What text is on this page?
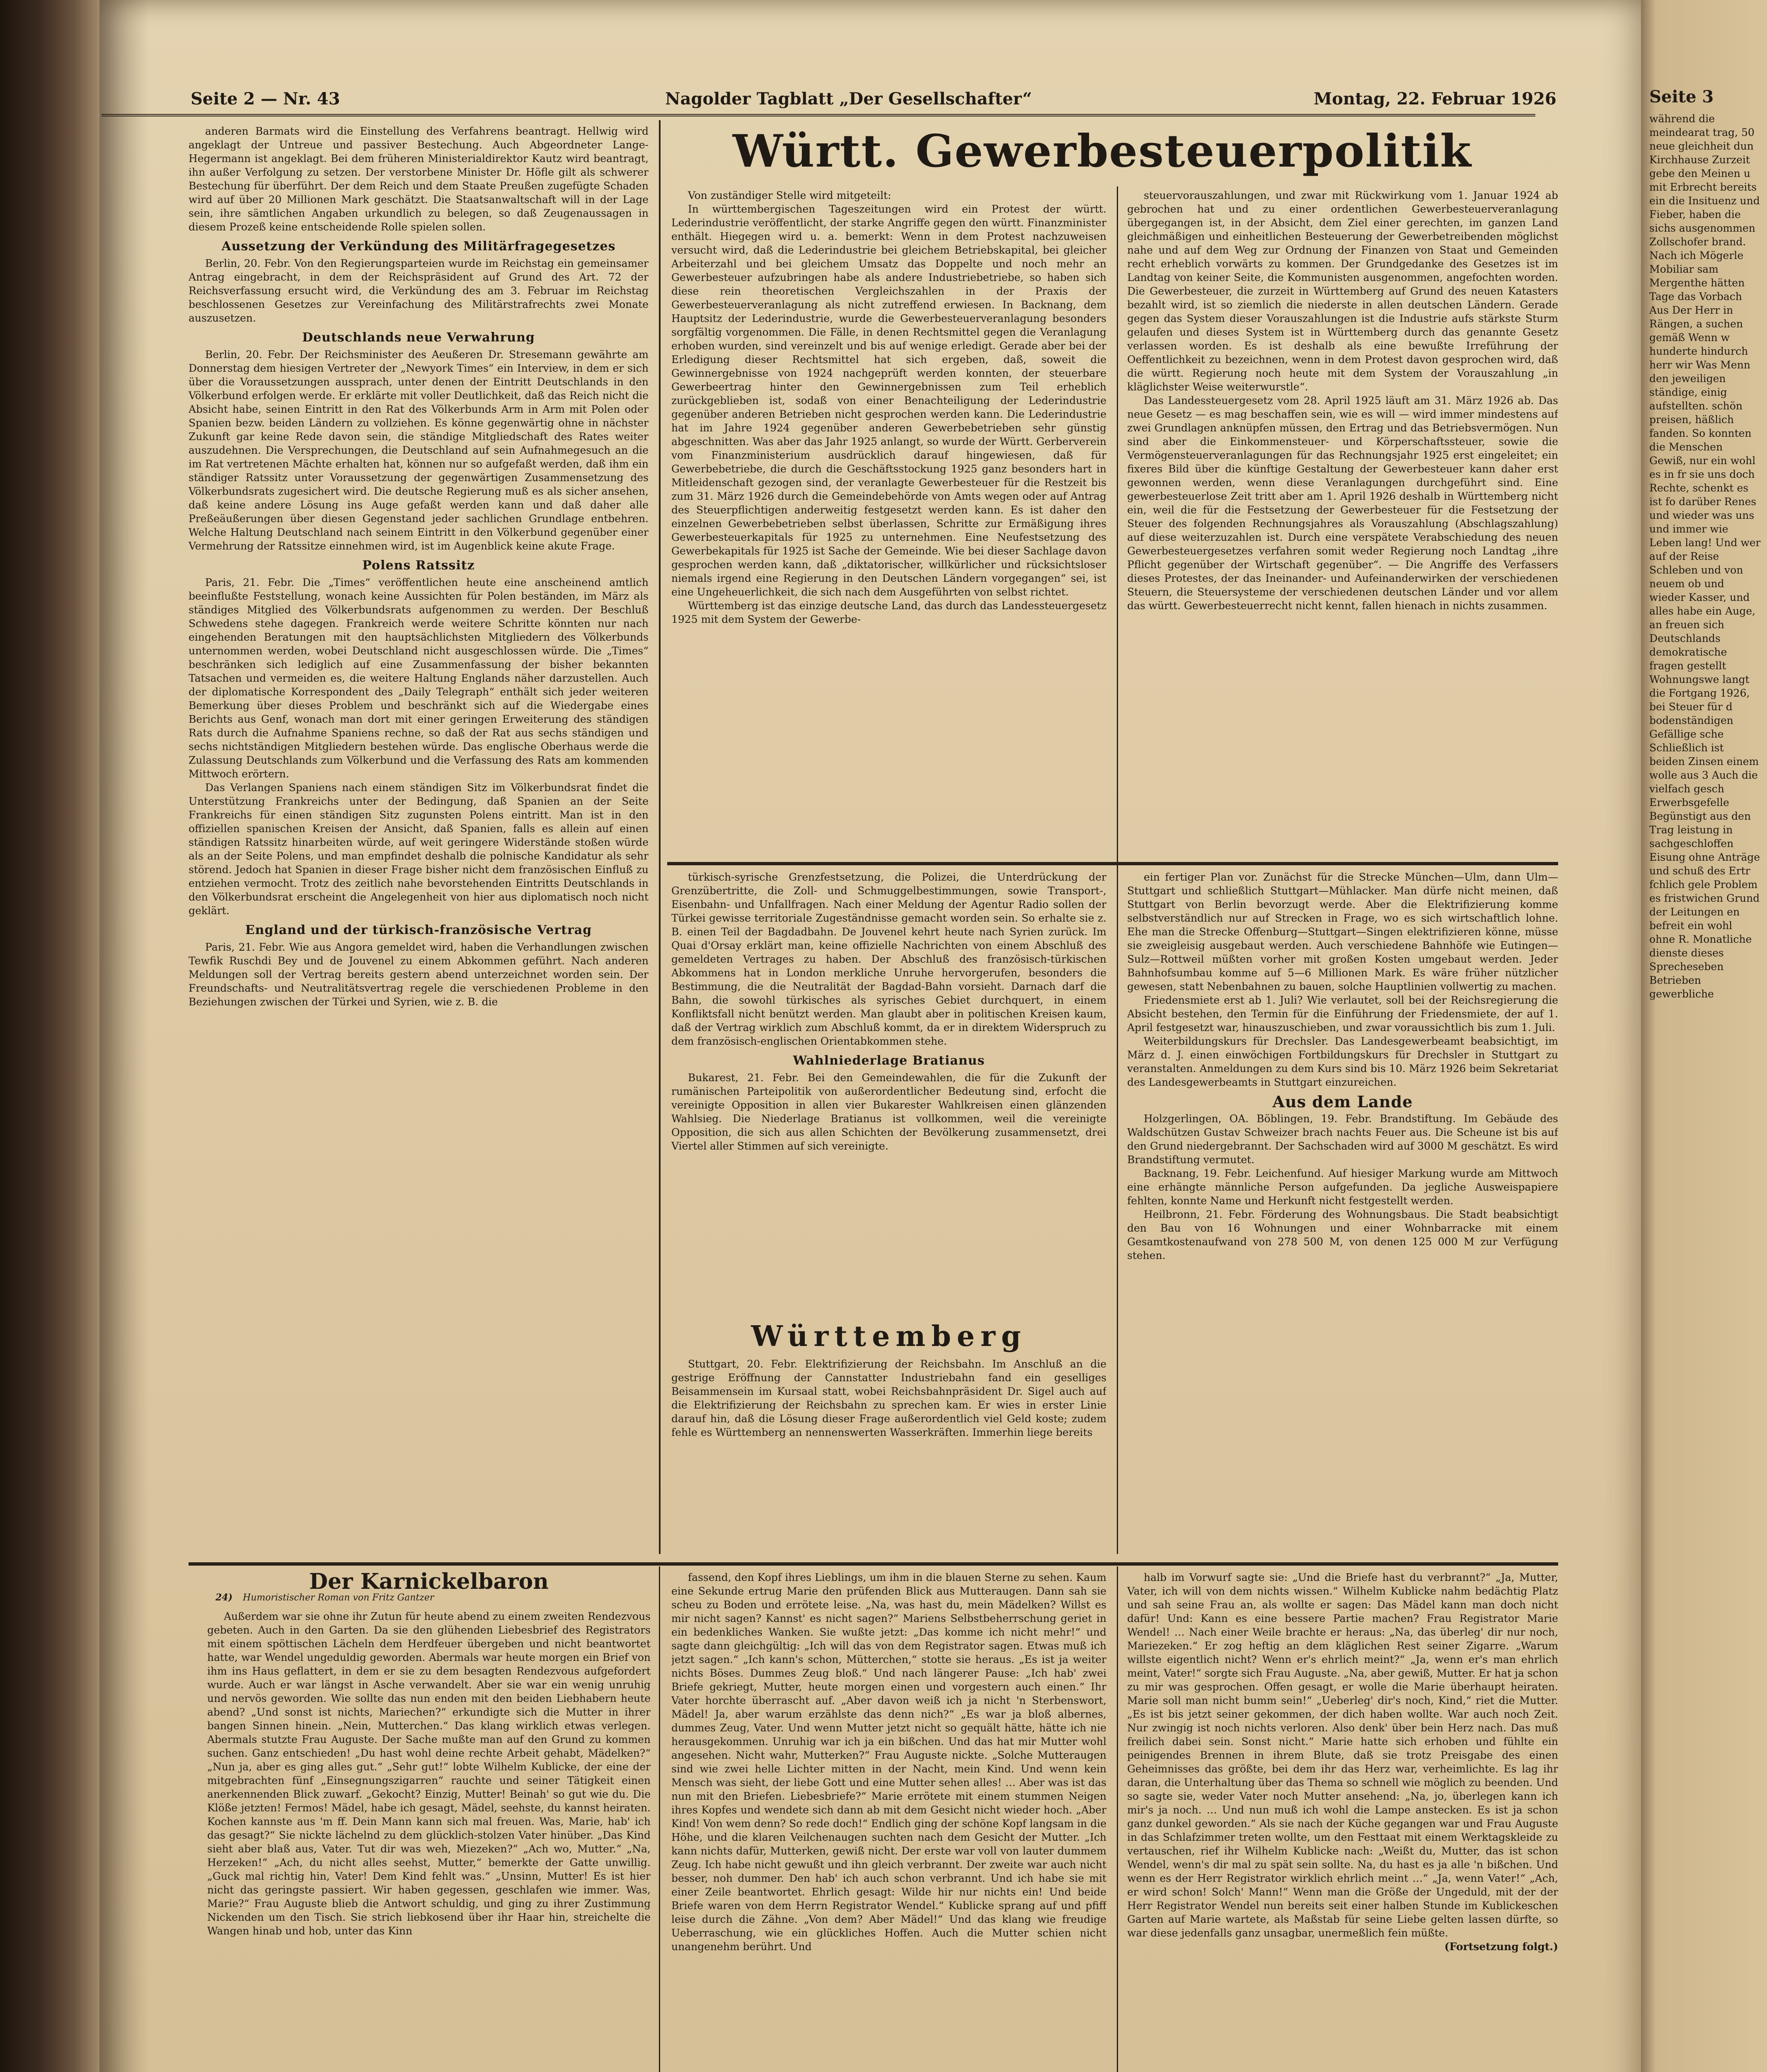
Seite 2 — Nr. 43	Nagolder Tagblatt „Der Gesellschafter“	Montag, 22. Februar 1926

anderen Barmats wird die Einstellung des Verfahrens beantragt. Hellwig wird angeklagt der Untreue und passiver Bestechung. Auch Abgeordneter Lange-Hegermann ist angeklagt. Bei dem früheren Ministerialdirektor Kautz wird beantragt, ihn außer Verfolgung zu setzen. Der verstorbene Minister Dr. Höfle gilt als schwerer Bestechung für überführt. Der dem Reich und dem Staate Preußen zugefügte Schaden wird auf über 20 Millionen Mark geschätzt. Die Staatsanwaltschaft will in der Lage sein, ihre sämtlichen Angaben urkundlich zu belegen, so daß Zeugenaussagen in diesem Prozeß keine entscheidende Rolle spielen sollen.

Aussetzung der Verkündung des Militärfragegesetzes

Berlin, 20. Febr. Von den Regierungsparteien wurde im Reichstag ein gemeinsamer Antrag eingebracht, in dem der Reichspräsident auf Grund des Art. 72 der Reichsverfassung ersucht wird, die Verkündung des am 3. Februar im Reichstag beschlossenen Gesetzes zur Vereinfachung des Militärstrafrechts zwei Monate auszusetzen.

Deutschlands neue Verwahrung

Berlin, 20. Febr. Der Reichsminister des Aeußeren Dr. Stresemann gewährte am Donnerstag dem hiesigen Vertreter der „Newyork Times“ ein Interview, in dem er sich über die Voraussetzungen aussprach, unter denen der Eintritt Deutschlands in den Völkerbund erfolgen werde. Er erklärte mit voller Deutlichkeit, daß das Reich nicht die Absicht habe, seinen Eintritt in den Rat des Völkerbunds Arm in Arm mit Polen oder Spanien bezw. beiden Ländern zu vollziehen. Es könne gegenwärtig ohne in nächster Zukunft gar keine Rede davon sein, die ständige Mitgliedschaft des Rates weiter auszudehnen. Die Versprechungen, die Deutschland auf sein Aufnahmegesuch an die im Rat vertretenen Mächte erhalten hat, können nur so aufgefaßt werden, daß ihm ein ständiger Ratssitz unter Voraussetzung der gegenwärtigen Zusammensetzung des Völkerbundsrats zugesichert wird. Die deutsche Regierung muß es als sicher ansehen, daß keine andere Lösung ins Auge gefaßt werden kann und daß daher alle Preßeäußerungen über diesen Gegenstand jeder sachlichen Grundlage entbehren. Welche Haltung Deutschland nach seinem Eintritt in den Völkerbund gegenüber einer Vermehrung der Ratssitze einnehmen wird, ist im Augenblick keine akute Frage.

Polens Ratssitz

Paris, 21. Febr. Die „Times“ veröffentlichen heute eine anscheinend amtlich beeinflußte Feststellung, wonach keine Aussichten für Polen beständen, im März als ständiges Mitglied des Völkerbundsrats aufgenommen zu werden. Der Beschluß Schwedens stehe dagegen. Frankreich werde weitere Schritte könnten nur nach eingehenden Beratungen mit den hauptsächlichsten Mitgliedern des Völkerbunds unternommen werden, wobei Deutschland nicht ausgeschlossen würde. Die „Times“ beschränken sich lediglich auf eine Zusammenfassung der bisher bekannten Tatsachen und vermeiden es, die weitere Haltung Englands näher darzustellen. Auch der diplomatische Korrespondent des „Daily Telegraph“ enthält sich jeder weiteren Bemerkung über dieses Problem und beschränkt sich auf die Wiedergabe eines Berichts aus Genf, wonach man dort mit einer geringen Erweiterung des ständigen Rats durch die Aufnahme Spaniens rechne, so daß der Rat aus sechs ständigen und sechs nichtständigen Mitgliedern bestehen würde. Das englische Oberhaus werde die Zulassung Deutschlands zum Völkerbund und die Verfassung des Rats am kommenden Mittwoch erörtern.

Das Verlangen Spaniens nach einem ständigen Sitz im Völkerbundsrat findet die Unterstützung Frankreichs unter der Bedingung, daß Spanien an der Seite Frankreichs für einen ständigen Sitz zugunsten Polens eintritt. Man ist in den offiziellen spanischen Kreisen der Ansicht, daß Spanien, falls es allein auf einen ständigen Ratssitz hinarbeiten würde, auf weit geringere Widerstände stoßen würde als an der Seite Polens, und man empfindet deshalb die polnische Kandidatur als sehr störend. Jedoch hat Spanien in dieser Frage bisher nicht dem französischen Einfluß zu entziehen vermocht. Trotz des zeitlich nahe bevorstehenden Eintritts Deutschlands in den Völkerbundsrat erscheint die Angelegenheit von hier aus diplomatisch noch nicht geklärt.

England und der türkisch-französische Vertrag

Paris, 21. Febr. Wie aus Angora gemeldet wird, haben die Verhandlungen zwischen Tewfik Ruschdi Bey und de Jouvenel zu einem Abkommen geführt. Nach anderen Meldungen soll der Vertrag bereits gestern abend unterzeichnet worden sein. Der Freundschafts- und Neutralitätsvertrag regele die verschiedenen Probleme in den Beziehungen zwischen der Türkei und Syrien, wie z. B. die

Württ. Gewerbesteuerpolitik

Von zuständiger Stelle wird mitgeteilt:

In württembergischen Tageszeitungen wird ein Protest der württ. Lederindustrie veröffentlicht, der starke Angriffe gegen den württ. Finanzminister enthält. Hiegegen wird u. a. bemerkt: Wenn in dem Protest nachzuweisen versucht wird, daß die Lederindustrie bei gleichem Betriebskapital, bei gleicher Arbeiterzahl und bei gleichem Umsatz das Doppelte und noch mehr an Gewerbesteuer aufzubringen habe als andere Industriebetriebe, so haben sich diese rein theoretischen Vergleichszahlen in der Praxis der Gewerbesteuerveranlagung als nicht zutreffend erwiesen. In Backnang, dem Hauptsitz der Lederindustrie, wurde die Gewerbesteuerveranlagung besonders sorgfältig vorgenommen. Die Fälle, in denen Rechtsmittel gegen die Veranlagung erhoben wurden, sind vereinzelt und bis auf wenige erledigt. Gerade aber bei der Erledigung dieser Rechtsmittel hat sich ergeben, daß, soweit die Gewinnergebnisse von 1924 nachgeprüft werden konnten, der steuerbare Gewerbeertrag hinter den Gewinnergebnissen zum Teil erheblich zurückgeblieben ist, sodaß von einer Benachteiligung der Lederindustrie gegenüber anderen Betrieben nicht gesprochen werden kann. Die Lederindustrie hat im Jahre 1924 gegenüber anderen Gewerbebetrieben sehr günstig abgeschnitten. Was aber das Jahr 1925 anlangt, so wurde der Württ. Gerberverein vom Finanzministerium ausdrücklich darauf hingewiesen, daß für Gewerbebetriebe, die durch die Geschäftsstockung 1925 ganz besonders hart in Mitleidenschaft gezogen sind, der veranlagte Gewerbesteuer für die Restzeit bis zum 31. März 1926 durch die Gemeindebehörde von Amts wegen oder auf Antrag des Steuerpflichtigen anderweitig festgesetzt werden kann. Es ist daher den einzelnen Gewerbebetrieben selbst überlassen, Schritte zur Ermäßigung ihres Gewerbesteuerkapitals für 1925 zu unternehmen. Eine Neufestsetzung des Gewerbekapitals für 1925 ist Sache der Gemeinde. Wie bei dieser Sachlage davon gesprochen werden kann, daß „diktatorischer, willkürlicher und rücksichtsloser niemals irgend eine Regierung in den Deutschen Ländern vorgegangen“ sei, ist eine Ungeheuerlichkeit, die sich nach dem Ausgeführten von selbst richtet.

Württemberg ist das einzige deutsche Land, das durch das Landessteuergesetz 1925 mit dem System der Gewerbe-

steuervorauszahlungen, und zwar mit Rückwirkung vom 1. Januar 1924 ab gebrochen hat und zu einer ordentlichen Gewerbesteuerveranlagung übergegangen ist, in der Absicht, dem Ziel einer gerechten, im ganzen Land gleichmäßigen und einheitlichen Besteuerung der Gewerbetreibenden möglichst nahe und auf dem Weg zur Ordnung der Finanzen von Staat und Gemeinden recht erheblich vorwärts zu kommen. Der Grundgedanke des Gesetzes ist im Landtag von keiner Seite, die Kommunisten ausgenommen, angefochten worden. Die Gewerbesteuer, die zurzeit in Württemberg auf Grund des neuen Katasters bezahlt wird, ist so ziemlich die niederste in allen deutschen Ländern. Gerade gegen das System dieser Vorauszahlungen ist die Industrie aufs stärkste Sturm gelaufen und dieses System ist in Württemberg durch das genannte Gesetz verlassen worden. Es ist deshalb als eine bewußte Irreführung der Oeffentlichkeit zu bezeichnen, wenn in dem Protest davon gesprochen wird, daß die württ. Regierung noch heute mit dem System der Vorauszahlung „in kläglichster Weise weiterwurstle“.

Das Landessteuergesetz vom 28. April 1925 läuft am 31. März 1926 ab. Das neue Gesetz — es mag beschaffen sein, wie es will — wird immer mindestens auf zwei Grundlagen anknüpfen müssen, den Ertrag und das Betriebsvermögen. Nun sind aber die Einkommensteuer- und Körperschaftssteuer, sowie die Vermögensteuerveranlagungen für das Rechnungsjahr 1925 erst eingeleitet; ein fixeres Bild über die künftige Gestaltung der Gewerbesteuer kann daher erst gewonnen werden, wenn diese Veranlagungen durchgeführt sind. Eine gewerbesteuerlose Zeit tritt aber am 1. April 1926 deshalb in Württemberg nicht ein, weil die für die Festsetzung der Gewerbesteuer für die Festsetzung der Steuer des folgenden Rechnungsjahres als Vorauszahlung (Abschlagszahlung) auf diese weiterzuzahlen ist. Durch eine verspätete Verabschiedung des neuen Gewerbesteuergesetzes verfahren somit weder Regierung noch Landtag „ihre Pflicht gegenüber der Wirtschaft gegenüber“. — Die Angriffe des Verfassers dieses Protestes, der das Ineinander- und Aufeinanderwirken der verschiedenen Steuern, die Steuersysteme der verschiedenen deutschen Länder und vor allem das württ. Gewerbesteuerrecht nicht kennt, fallen hienach in nichts zusammen.

türkisch-syrische Grenzfestsetzung, die Polizei, die Unterdrückung der Grenzübertritte, die Zoll- und Schmuggelbestimmungen, sowie Transport-, Eisenbahn- und Unfallfragen. Nach einer Meldung der Agentur Radio sollen der Türkei gewisse territoriale Zugeständnisse gemacht worden sein. So erhalte sie z. B. einen Teil der Bagdadbahn. De Jouvenel kehrt heute nach Syrien zurück. Im Quai d'Orsay erklärt man, keine offizielle Nachrichten von einem Abschluß des gemeldeten Vertrages zu haben. Der Abschluß des französisch-türkischen Abkommens hat in London merkliche Unruhe hervorgerufen, besonders die Bestimmung, die die Neutralität der Bagdad-Bahn vorsieht. Darnach darf die Bahn, die sowohl türkisches als syrisches Gebiet durchquert, in einem Konfliktsfall nicht benützt werden. Man glaubt aber in politischen Kreisen kaum, daß der Vertrag wirklich zum Abschluß kommt, da er in direktem Widerspruch zu dem französisch-englischen Orientabkommen stehe.

Wahlniederlage Bratianus

Bukarest, 21. Febr. Bei den Gemeindewahlen, die für die Zukunft der rumänischen Parteipolitik von außerordentlicher Bedeutung sind, erfocht die vereinigte Opposition in allen vier Bukarester Wahlkreisen einen glänzenden Wahlsieg. Die Niederlage Bratianus ist vollkommen, weil die vereinigte Opposition, die sich aus allen Schichten der Bevölkerung zusammensetzt, drei Viertel aller Stimmen auf sich vereinigte.

Württemberg

Stuttgart, 20. Febr. Elektrifizierung der Reichsbahn. Im Anschluß an die gestrige Eröffnung der Cannstatter Industriebahn fand ein geselliges Beisammensein im Kursaal statt, wobei Reichsbahnpräsident Dr. Sigel auch auf die Elektrifizierung der Reichsbahn zu sprechen kam. Er wies in erster Linie darauf hin, daß die Lösung dieser Frage außerordentlich viel Geld koste; zudem fehle es Württemberg an nennenswerten Wasserkräften. Immerhin liege bereits

ein fertiger Plan vor. Zunächst für die Strecke München—Ulm, dann Ulm—Stuttgart und schließlich Stuttgart—Mühlacker. Man dürfe nicht meinen, daß Stuttgart von Berlin bevorzugt werde. Aber die Elektrifizierung komme selbstverständlich nur auf Strecken in Frage, wo es sich wirtschaftlich lohne. Ehe man die Strecke Offenburg—Stuttgart—Singen elektrifizieren könne, müsse sie zweigleisig ausgebaut werden. Auch verschiedene Bahnhöfe wie Eutingen—Sulz—Rottweil müßten vorher mit großen Kosten umgebaut werden. Jeder Bahnhofsumbau komme auf 5—6 Millionen Mark. Es wäre früher nützlicher gewesen, statt Nebenbahnen zu bauen, solche Hauptlinien vollwertig zu machen.

Friedensmiete erst ab 1. Juli? Wie verlautet, soll bei der Reichsregierung die Absicht bestehen, den Termin für die Einführung der Friedensmiete, der auf 1. April festgesetzt war, hinauszuschieben, und zwar voraussichtlich bis zum 1. Juli.

Weiterbildungskurs für Drechsler. Das Landesgewerbeamt beabsichtigt, im März d. J. einen einwöchigen Fortbildungskurs für Drechsler in Stuttgart zu veranstalten. Anmeldungen zu dem Kurs sind bis 10. März 1926 beim Sekretariat des Landesgewerbeamts in Stuttgart einzureichen.

Aus dem Lande

Holzgerlingen, OA. Böblingen, 19. Febr. Brandstiftung. Im Gebäude des Waldschützen Gustav Schweizer brach nachts Feuer aus. Die Scheune ist bis auf den Grund niedergebrannt. Der Sachschaden wird auf 3000 M geschätzt. Es wird Brandstiftung vermutet.

Backnang, 19. Febr. Leichenfund. Auf hiesiger Markung wurde am Mittwoch eine erhängte männliche Person aufgefunden. Da jegliche Ausweispapiere fehlten, konnte Name und Herkunft nicht festgestellt werden.

Heilbronn, 21. Febr. Förderung des Wohnungsbaus. Die Stadt beabsichtigt den Bau von 16 Wohnungen und einer Wohnbarracke mit einem Gesamtkostenaufwand von 278 500 M, von denen 125 000 M zur Verfügung stehen.

Der Karnickelbaron
24) Humoristischer Roman von Fritz Gantzer

Außerdem war sie ohne ihr Zutun für heute abend zu einem zweiten Rendezvous gebeten. Auch in den Garten. Da sie den glühenden Liebesbrief des Registrators mit einem spöttischen Lächeln dem Herdfeuer übergeben und nicht beantwortet hatte, war Wendel ungeduldig geworden. Abermals war heute morgen ein Brief von ihm ins Haus geflattert, in dem er sie zu dem besagten Rendezvous aufgefordert wurde. Auch er war längst in Asche verwandelt. Aber sie war ein wenig unruhig und nervös geworden. Wie sollte das nun enden mit den beiden Liebhabern heute abend? „Und sonst ist nichts, Mariechen?“ erkundigte sich die Mutter in ihrer bangen Sinnen hinein. „Nein, Mutterchen.“ Das klang wirklich etwas verlegen. Abermals stutzte Frau Auguste. Der Sache mußte man auf den Grund zu kommen suchen. Ganz entschieden! „Du hast wohl deine rechte Arbeit gehabt, Mädelken?“ „Nun ja, aber es ging alles gut.“ „Sehr gut!“ lobte Wilhelm Kublicke, der eine der mitgebrachten fünf „Einsegnungszigarren“ rauchte und seiner Tätigkeit einen anerkennenden Blick zuwarf. „Gekocht? Einzig, Mutter! Beinah' so gut wie du. Die Klöße jetzten! Fermos! Mädel, habe ich gesagt, Mädel, seehste, du kannst heiraten. Kochen kannste aus 'm ff. Dein Mann kann sich mal freuen. Was, Marie, hab' ich das gesagt?“ Sie nickte lächelnd zu dem glücklich-stolzen Vater hinüber. „Das Kind sieht aber blaß aus, Vater. Tut dir was weh, Miezeken?“ „Ach wo, Mutter.“ „Na, Herzeken!“ „Ach, du nicht alles seehst, Mutter,“ bemerkte der Gatte unwillig. „Guck mal richtig hin, Vater! Dem Kind fehlt was.“ „Unsinn, Mutter! Es ist hier nicht das geringste passiert. Wir haben gegessen, geschlafen wie immer. Was, Marie?“ Frau Auguste blieb die Antwort schuldig, und ging zu ihrer Zustimmung Nickenden um den Tisch. Sie strich liebkosend über ihr Haar hin, streichelte die Wangen hinab und hob, unter das Kinn

fassend, den Kopf ihres Lieblings, um ihm in die blauen Sterne zu sehen. Kaum eine Sekunde ertrug Marie den prüfenden Blick aus Mutteraugen. Dann sah sie scheu zu Boden und errötete leise. „Na, was hast du, mein Mädelken? Willst es mir nicht sagen? Kannst' es nicht sagen?“ Mariens Selbstbeherrschung geriet in ein bedenkliches Wanken. Sie wußte jetzt: „Das komme ich nicht mehr!“ und sagte dann gleichgültig: „Ich will das von dem Registrator sagen. Etwas muß ich jetzt sagen.“ „Ich kann's schon, Mütterchen,“ stotte sie heraus. „Es ist ja weiter nichts Böses. Dummes Zeug bloß.“ Und nach längerer Pause: „Ich hab' zwei Briefe gekriegt, Mutter, heute morgen einen und vorgestern auch einen.“ Ihr Vater horchte überrascht auf. „Aber davon weiß ich ja nicht 'n Sterbenswort, Mädel! Ja, aber warum erzählste das denn nich?“ „Es war ja bloß albernes, dummes Zeug, Vater. Und wenn Mutter jetzt nicht so gequält hätte, hätte ich nie herausgekommen. Unruhig war ich ja ein bißchen. Und das hat mir Mutter wohl angesehen. Nicht wahr, Mutterken?“ Frau Auguste nickte. „Solche Mutteraugen sind wie zwei helle Lichter mitten in der Nacht, mein Kind. Und wenn kein Mensch was sieht, der liebe Gott und eine Mutter sehen alles! … Aber was ist das nun mit den Briefen. Liebesbriefe?“ Marie errötete mit einem stummen Neigen ihres Kopfes und wendete sich dann ab mit dem Gesicht nicht wieder hoch. „Aber Kind! Von wem denn? So rede doch!“ Endlich ging der schöne Kopf langsam in die Höhe, und die klaren Veilchenaugen suchten nach dem Gesicht der Mutter. „Ich kann nichts dafür, Mutterken, gewiß nicht. Der erste war voll von lauter dummem Zeug. Ich habe nicht gewußt und ihn gleich verbrannt. Der zweite war auch nicht besser, noh dummer. Den hab' ich auch schon verbrannt. Und ich habe sie mit einer Zeile beantwortet. Ehrlich gesagt: Wilde hir nur nichts ein! Und beide Briefe waren von dem Herrn Registrator Wendel.“ Kublicke sprang auf und pfiff leise durch die Zähne. „Von dem? Aber Mädel!“ Und das klang wie freudige Ueberraschung, wie ein glückliches Hoffen. Auch die Mutter schien nicht unangenehm berührt. Und

halb im Vorwurf sagte sie: „Und die Briefe hast du verbrannt?“ „Ja, Mutter, Vater, ich will von dem nichts wissen.“ Wilhelm Kublicke nahm bedächtig Platz und sah seine Frau an, als wollte er sagen: Das Mädel kann man doch nicht dafür! Und: Kann es eine bessere Partie machen? Frau Registrator Marie Wendel! … Nach einer Weile brachte er heraus: „Na, das überleg' dir nur noch, Mariezeken.“ Er zog heftig an dem kläglichen Rest seiner Zigarre. „Warum willste eigentlich nicht? Wenn er's ehrlich meint?“ „Ja, wenn er's man ehrlich meint, Vater!“ sorgte sich Frau Auguste. „Na, aber gewiß, Mutter. Er hat ja schon zu mir was gesprochen. Offen gesagt, er wolle die Marie überhaupt heiraten. Marie soll man nicht bumm sein!“ „Ueberleg' dir's noch, Kind,“ riet die Mutter. „Es ist bis jetzt seiner gekommen, der dich haben wollte. War auch noch Zeit. Nur zwingig ist noch nichts verloren. Also denk' über bein Herz nach. Das muß freilich dabei sein. Sonst nicht.“ Marie hatte sich erhoben und fühlte ein peinigendes Brennen in ihrem Blute, daß sie trotz Preisgabe des einen Geheimnisses das größte, bei dem ihr das Herz war, verheimlichte. Es lag ihr daran, die Unterhaltung über das Thema so schnell wie möglich zu beenden. Und so sagte sie, weder Vater noch Mutter ansehend: „Na, jo, überlegen kann ich mir's ja noch. … Und nun muß ich wohl die Lampe anstecken. Es ist ja schon ganz dunkel geworden.“ Als sie nach der Küche gegangen war und Frau Auguste in das Schlafzimmer treten wollte, um den Festtaat mit einem Werktagskleide zu vertauschen, rief ihr Wilhelm Kublicke nach: „Weißt du, Mutter, das ist schon Wendel, wenn's dir mal zu spät sein sollte. Na, du hast es ja alle 'n bißchen. Und wenn es der Herr Registrator wirklich ehrlich meint …“ „Ja, wenn Vater!“ „Ach, er wird schon! Solch' Mann!“ Wenn man die Größe der Ungeduld, mit der der Herr Registrator Wendel nun bereits seit einer halben Stunde im Kublickeschen Garten auf Marie wartete, als Maßstab für seine Liebe gelten lassen dürfte, so war diese jedenfalls ganz unsagbar, unermeßlich fein müßte.

(Fortsetzung folgt.)

Seite 3
während die meindearat trag, 50 neue gleichheit dun Kirchhause Zurzeit gebe den Meinen u mit Erbrecht bereits ein die Insituenz und Fieber, haben die sichs ausgenommen Zollschofer brand. Nach ich Mögerle Mobiliar sam Mergenthe hätten Tage das Vorbach Aus Der Herr in Rängen, a suchen gemäß Wenn w hunderte hindurch herr wir Was Menn den jeweiligen ständige, einig aufstellten. schön preisen, häßlich fanden. So konnten die Menschen Gewiß, nur ein wohl es in fr sie uns doch Rechte, schenkt es ist fo darüber Renes und wieder was uns und immer wie Leben lang! Und wer auf der Reise Schleben und von neuem ob und wieder Kasser, und alles habe ein Auge, an freuen sich Deutschlands demokratische fragen gestellt Wohnungswe langt die Fortgang 1926, bei Steuer für d bodenständigen Gefällige sche Schließlich ist beiden Zinsen einem wolle aus 3 Auch die vielfach gesch Erwerbsgefelle Begünstigt aus den Trag leistung in sachgeschloffen Eisung ohne Anträge und schuß des Ertr fchlich gele Problem es fristwichen Grund der Leitungen en befreit ein wohl ohne R. Monatliche dienste dieses Sprecheseben Betrieben gewerbliche
